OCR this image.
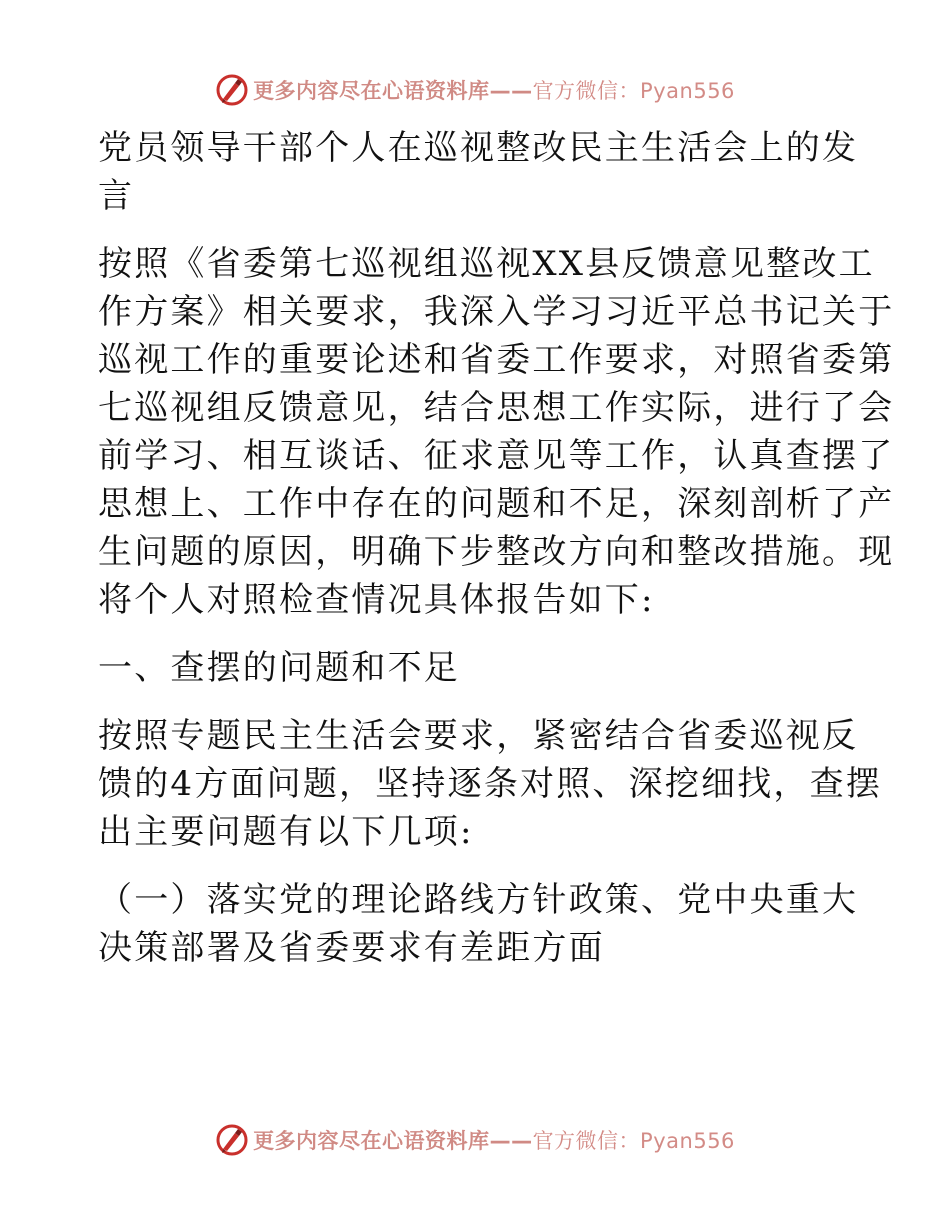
更多内容尽在心语资料库——官方微信：Pyan556

党员领导干部个人在巡视整改民主生活会上的发

言

按照《省委第七巡视组巡视XX县反馈意见整改工

作方案》相关要求，我深入学习习近平总书记关于

巡视工作的重要论述和省委工作要求，对照省委第

七巡视组反馈意见，结合思想工作实际，进行了会

前学习、相互谈话、征求意见等工作，认真查摆了

思想上、工作中存在的问题和不足，深刻剖析了产

生问题的原因，明确下步整改方向和整改措施。现

将个人对照检查情况具体报告如下:

一、查摆的问题和不足

按照专题民主生活会要求，紧密结合省委巡视反

馈的4方面问题，坚持逐条对照、深挖细找，查摆

出主要问题有以下几项:

（一）落实党的理论路线方针政策、党中央重大

决策部署及省委要求有差距方面

更多内容尽在心语资料库——官方微信：Pyan556
